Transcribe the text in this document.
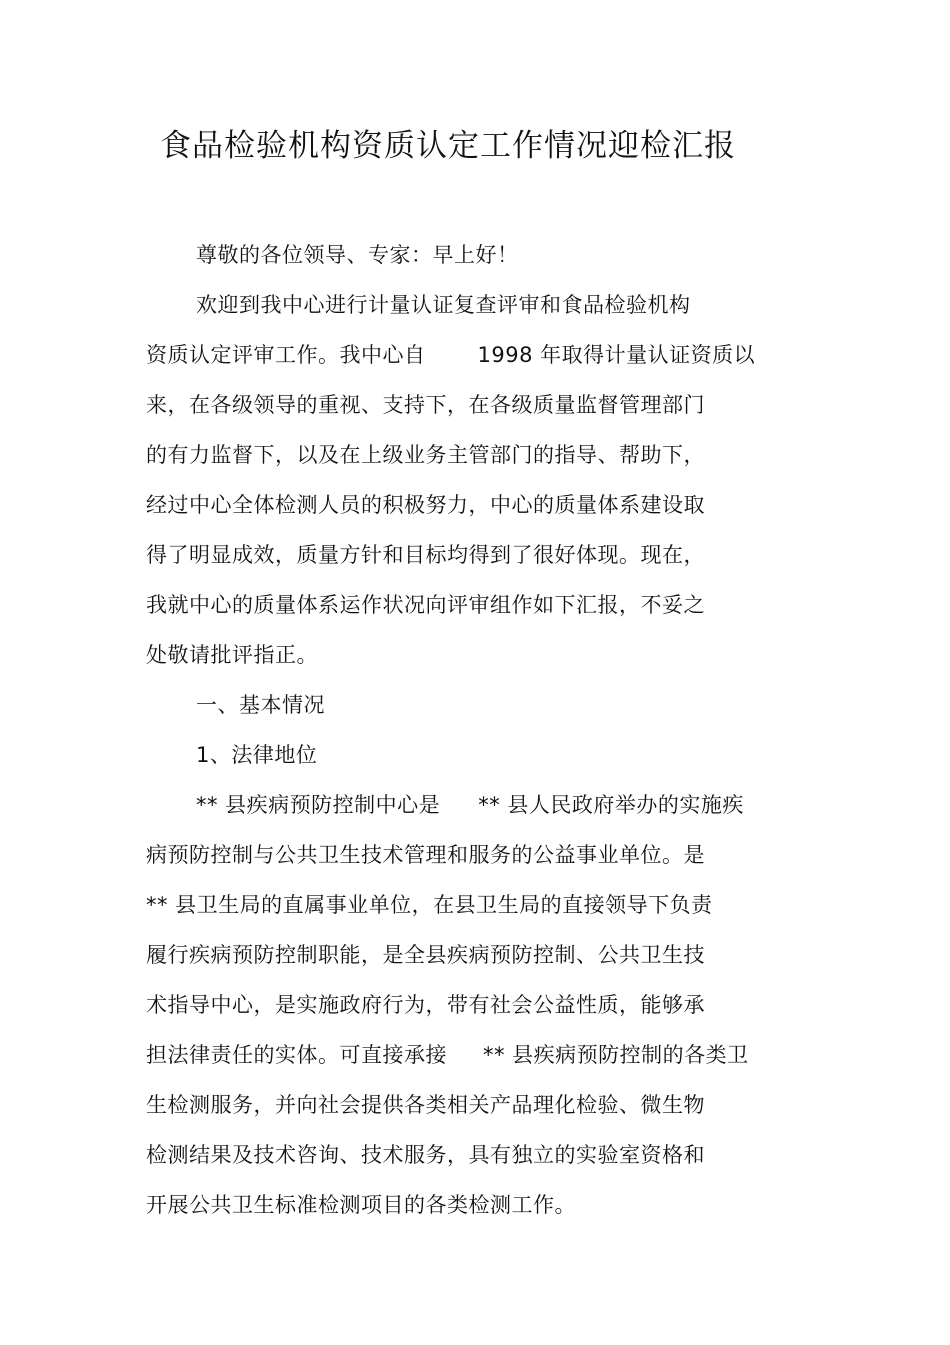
食品检验机构资质认定工作情况迎检汇报
尊敬的各位领导、专家：早上好！
欢迎到我中心进行计量认证复查评审和食品检验机构
资质认定评审工作。我中心自 1998 年取得计量认证资质以
来，在各级领导的重视、支持下，在各级质量监督管理部门
的有力监督下，以及在上级业务主管部门的指导、帮助下，
经过中心全体检测人员的积极努力，中心的质量体系建设取
得了明显成效，质量方针和目标均得到了很好体现。现在，
我就中心的质量体系运作状况向评审组作如下汇报，不妥之
处敬请批评指正。
一、基本情况
1、法律地位
** 县疾病预防控制中心是 ** 县人民政府举办的实施疾
病预防控制与公共卫生技术管理和服务的公益事业单位。是
** 县卫生局的直属事业单位，在县卫生局的直接领导下负责
履行疾病预防控制职能，是全县疾病预防控制、公共卫生技
术指导中心，是实施政府行为，带有社会公益性质，能够承
担法律责任的实体。可直接承接 ** 县疾病预防控制的各类卫
生检测服务，并向社会提供各类相关产品理化检验、微生物
检测结果及技术咨询、技术服务，具有独立的实验室资格和
开展公共卫生标准检测项目的各类检测工作。
